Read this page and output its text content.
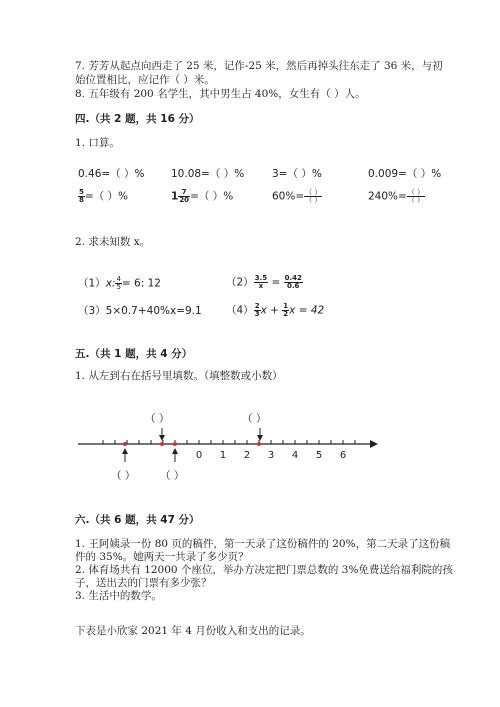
7. 芳芳从起点向西走了 25 米，记作-25 米，然后再掉头往东走了 36 米，与初
始位置相比，应记作（ ）米。
8. 五年级有 200 名学生，其中男生占 40%，女生有（ ）人。
四.（共 2 题，共 16 分）
1. 口算。
0.46=（ ）%	10.08=（ ）%	3=（ ）%	0.009=（ ）%
$\frac{5}{8}$ =（ ）%	$1 \frac{7}{20}$ =（ ）%	$60\%= \frac{( )}{( )}$	$240\%= \frac{( )}{( )}$
2. 求未知数 x。
（1）x: $\frac{4}{5} = 6$: 12	$(2) \frac{3.5}{x} = \frac{0.42}{0.6}$
（3）5×0.7+40%x=9.1 $(4) \frac{2}{3}$ $x + \frac{1}{2}$ x = 42
五.（共 1 题，共 4 分）
1. 从左到右在括号里填数。（填整数或小数）
（ ）	（ ）
（ ） （ ）
0 1 2 3 4 5 6
六.（共 6 题，共 47 分）
1. 王阿姨录一份 80 页的稿件，第一天录了这份稿件的 20%，第二天录了这份稿
件的 35%。她两天一共录了多少页？
2. 体育场共有 12000 个座位，举办方决定把门票总数的 3%免费送给福利院的孩
子，送出去的门票有多少张？
3. 生活中的数学。
下表是小欣家 2021 年 4 月份收入和支出的记录。
